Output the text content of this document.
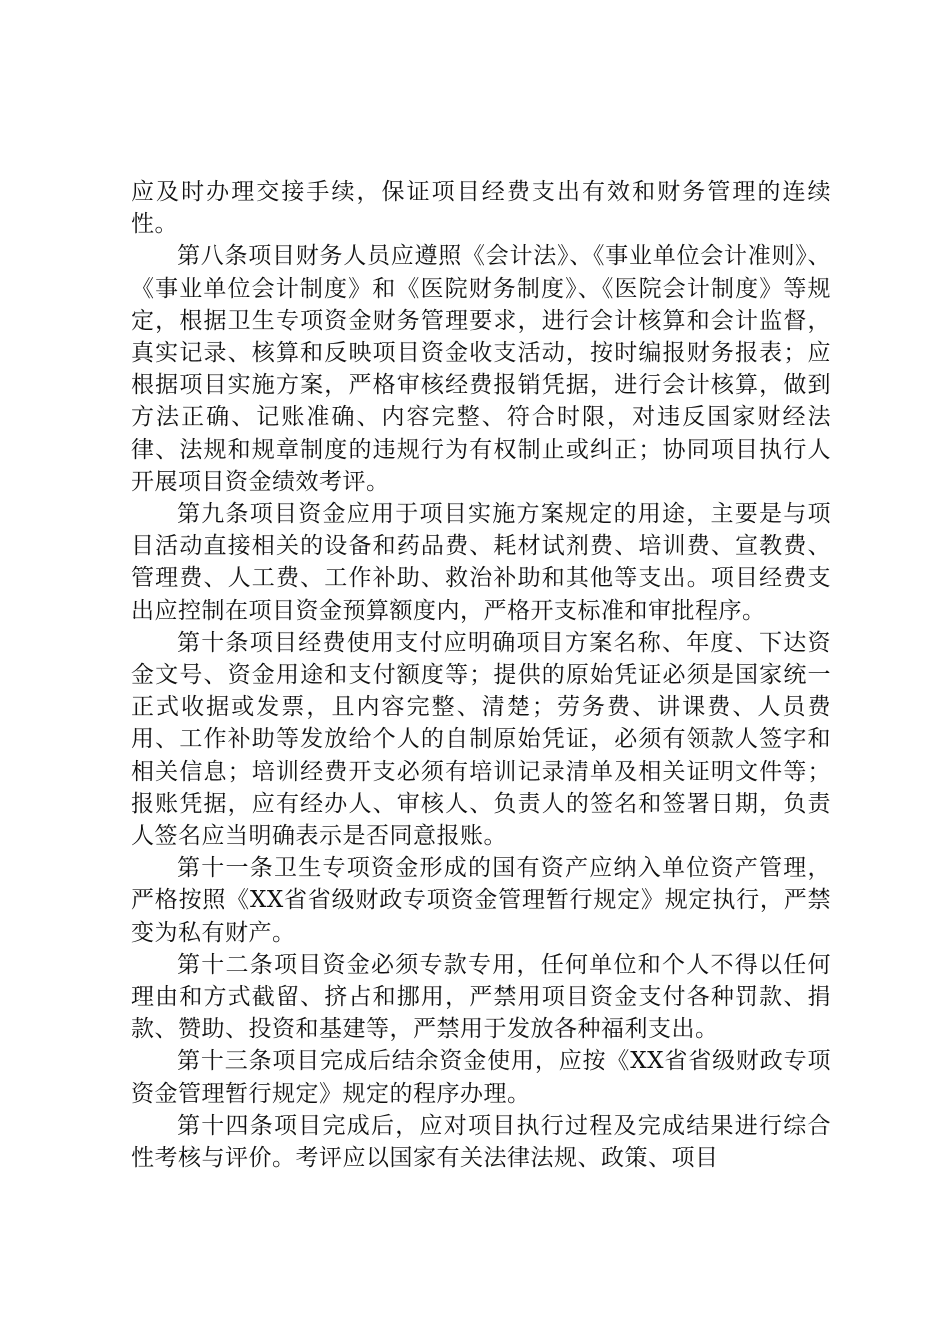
应及时办理交接手续，保证项目经费支出有效和财务管理的连续性。

第八条项目财务人员应遵照《会计法》、《事业单位会计准则》、《事业单位会计制度》和《医院财务制度》、《医院会计制度》等规定，根据卫生专项资金财务管理要求，进行会计核算和会计监督，真实记录、核算和反映项目资金收支活动，按时编报财务报表；应根据项目实施方案，严格审核经费报销凭据，进行会计核算，做到方法正确、记账准确、内容完整、符合时限，对违反国家财经法律、法规和规章制度的违规行为有权制止或纠正；协同项目执行人开展项目资金绩效考评。

第九条项目资金应用于项目实施方案规定的用途，主要是与项目活动直接相关的设备和药品费、耗材试剂费、培训费、宣教费、管理费、人工费、工作补助、救治补助和其他等支出。项目经费支出应控制在项目资金预算额度内，严格开支标准和审批程序。

第十条项目经费使用支付应明确项目方案名称、年度、下达资金文号、资金用途和支付额度等；提供的原始凭证必须是国家统一正式收据或发票，且内容完整、清楚；劳务费、讲课费、人员费用、工作补助等发放给个人的自制原始凭证，必须有领款人签字和相关信息；培训经费开支必须有培训记录清单及相关证明文件等；报账凭据，应有经办人、审核人、负责人的签名和签署日期，负责人签名应当明确表示是否同意报账。

第十一条卫生专项资金形成的国有资产应纳入单位资产管理，严格按照《XX省省级财政专项资金管理暂行规定》规定执行，严禁变为私有财产。

第十二条项目资金必须专款专用，任何单位和个人不得以任何理由和方式截留、挤占和挪用，严禁用项目资金支付各种罚款、捐款、赞助、投资和基建等，严禁用于发放各种福利支出。

第十三条项目完成后结余资金使用，应按《XX省省级财政专项资金管理暂行规定》规定的程序办理。

第十四条项目完成后，应对项目执行过程及完成结果进行综合性考核与评价。考评应以国家有关法律法规、政策、项目
